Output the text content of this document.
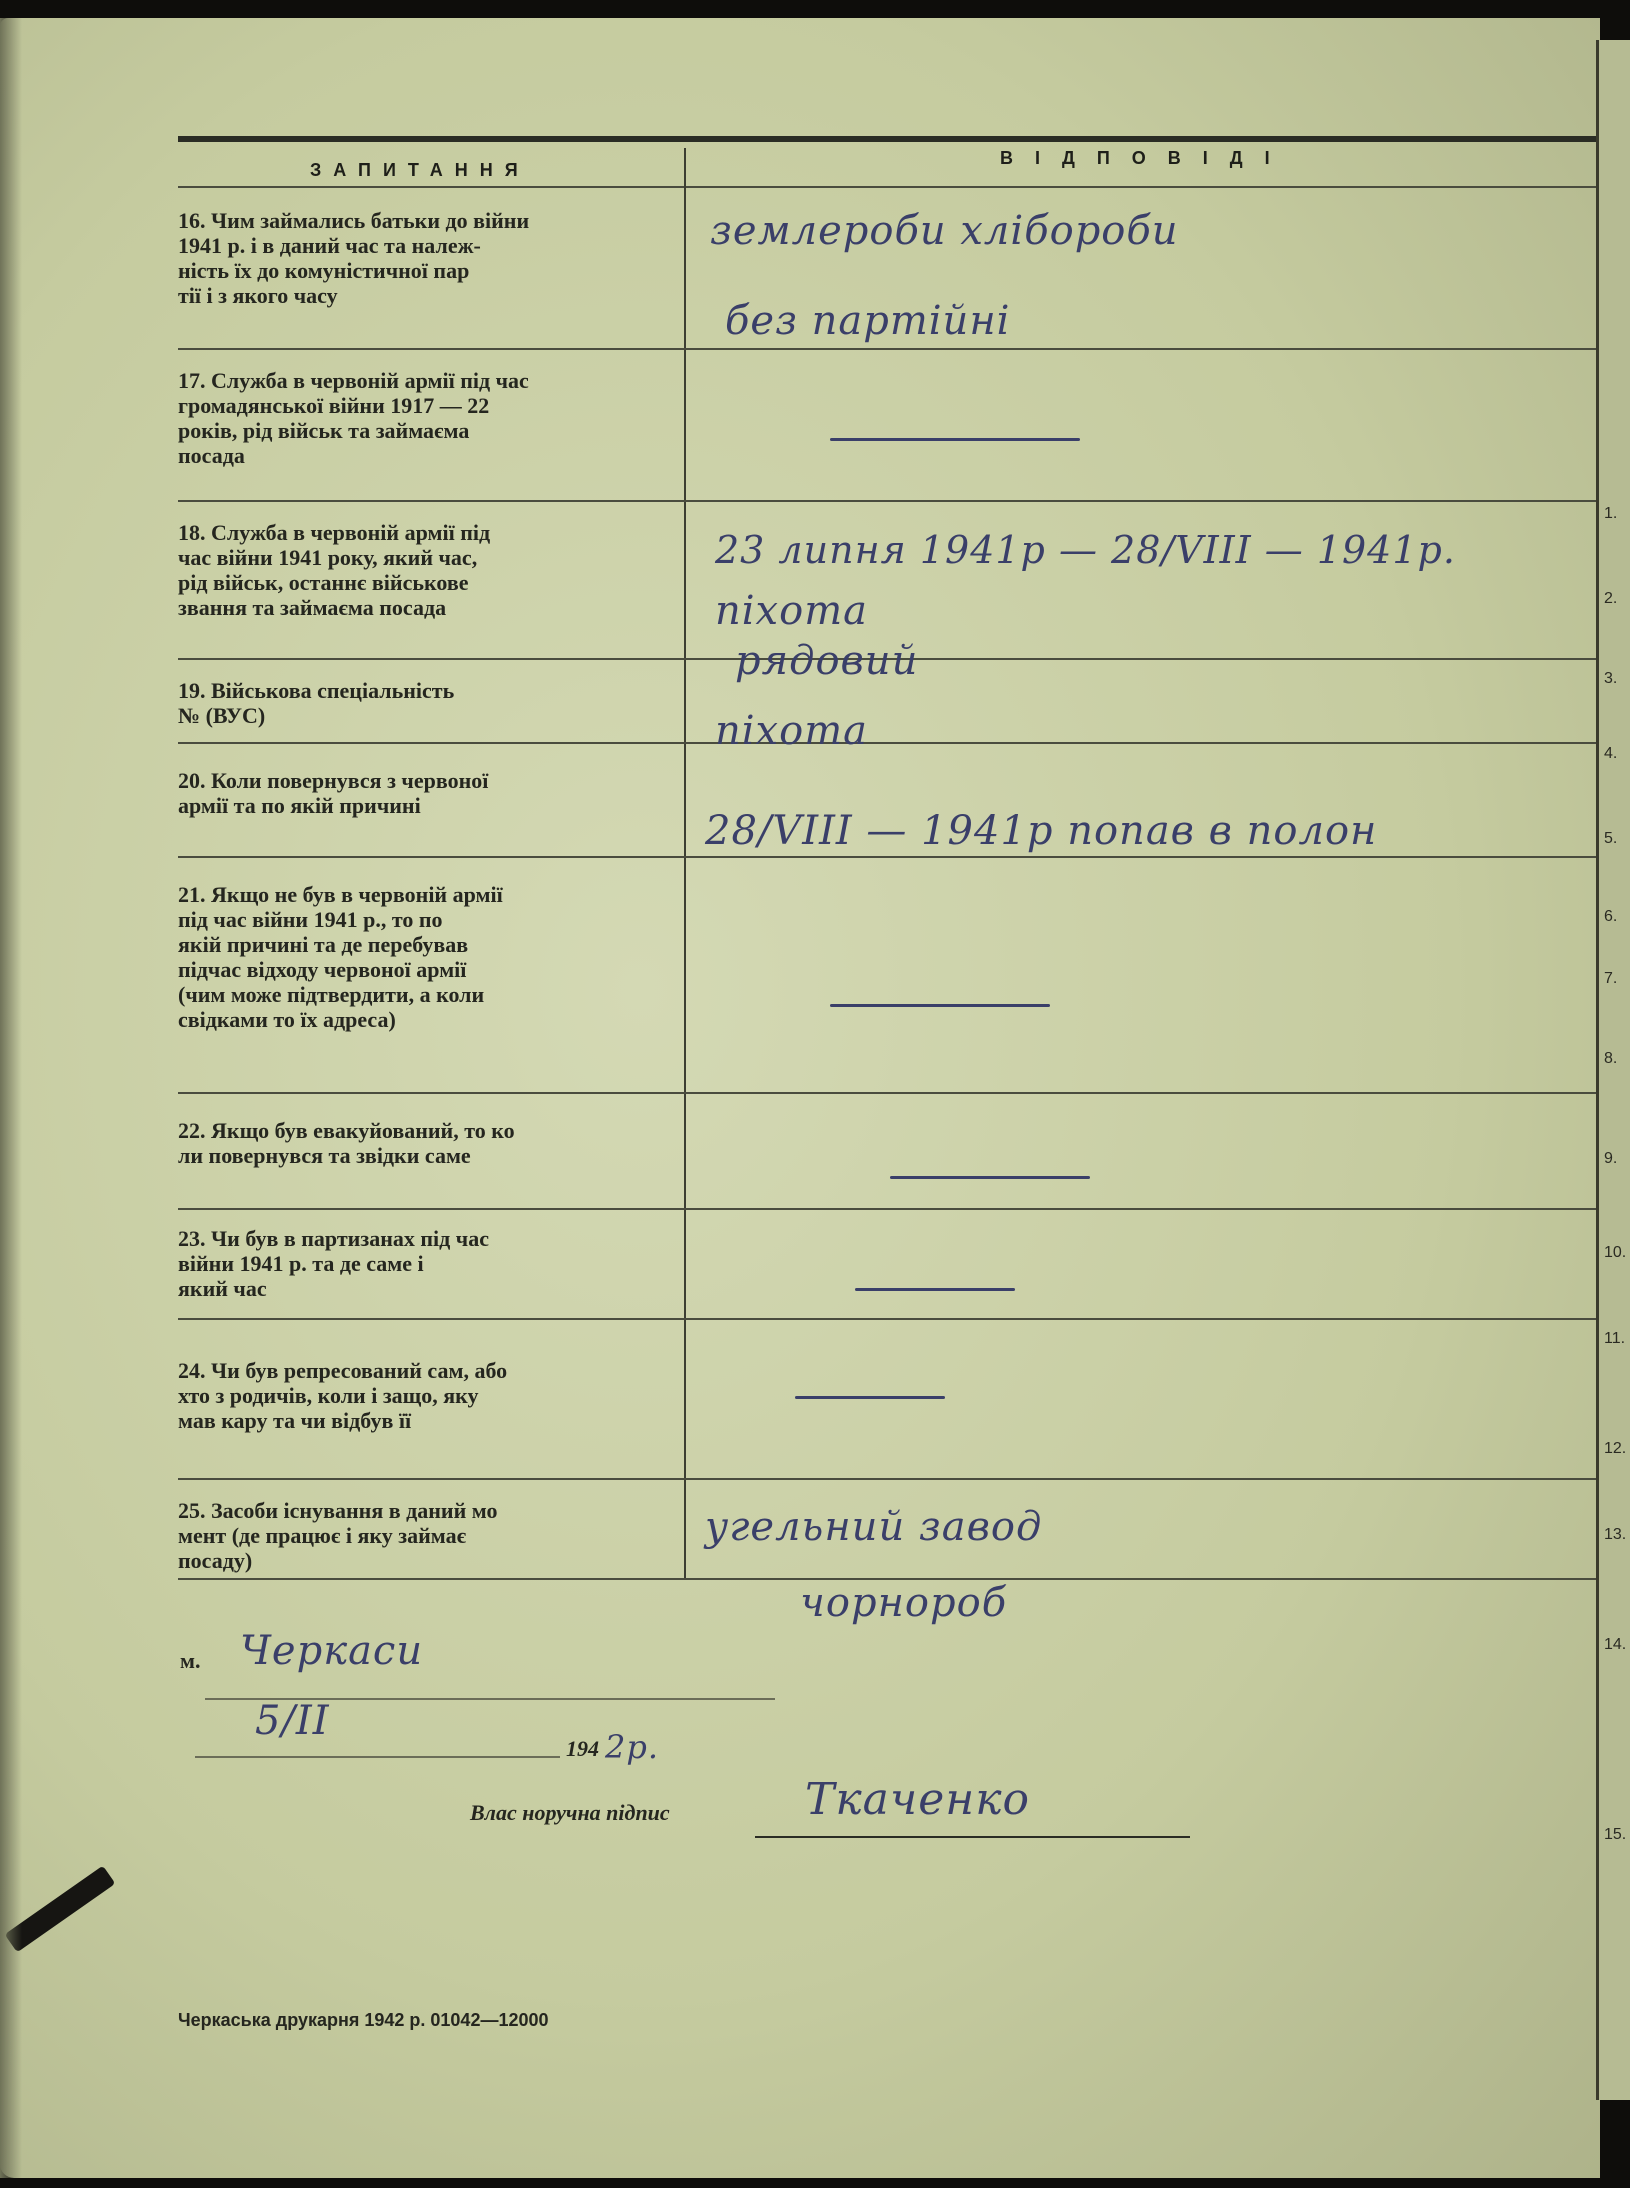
ЗАПИТАННЯ
ВІДПОВІДІ
16. Чим займались батьки до війни
1941 р. і в даний час та належ-
ність їх до комуністичної пар
тії і з якого часу
17. Служба в червоній армії під час
громадянської війни 1917 — 22
років, рід військ та займаєма
посада
18. Служба в червоній армії під
час війни 1941 року, який час,
рід військ, останнє військове
звання та займаєма посада
19. Військова спеціальність
№ (ВУС)
20. Коли повернувся з червоної
армії та по якій причині
21. Якщо не був в червоній армії
під час війни 1941 р., то по
якій причині та де перебував
підчас відходу червоної армії
(чим може підтвердити, а коли
свідками то їх адреса)
22. Якщо був евакуйований, то ко
ли повернувся та звідки саме
23. Чи був в партизанах під час
війни 1941 р. та де саме і
який час
24. Чи був репресований сам, або
хто з родичів, коли і защо, яку
мав кару та чи відбув її
25. Засоби існування в даний мо
мент (де працює і яку займає
посаду)
землероби хлібороби
без партійні
23 липня 1941р — 28/VIII — 1941р.
піхота
рядовий
піхота
28/VIII — 1941р попав в полон
угельний завод
чорнороб
м. Черкаси
5/II
194 2р.
Влас норучна підпис	Ткаченко
Черкаська друкарня 1942 р. 01042—12000
1.
2.
3.
4.
5.
6.
7.
8.
9.
10.
11.
12.
13.
14.
15.
